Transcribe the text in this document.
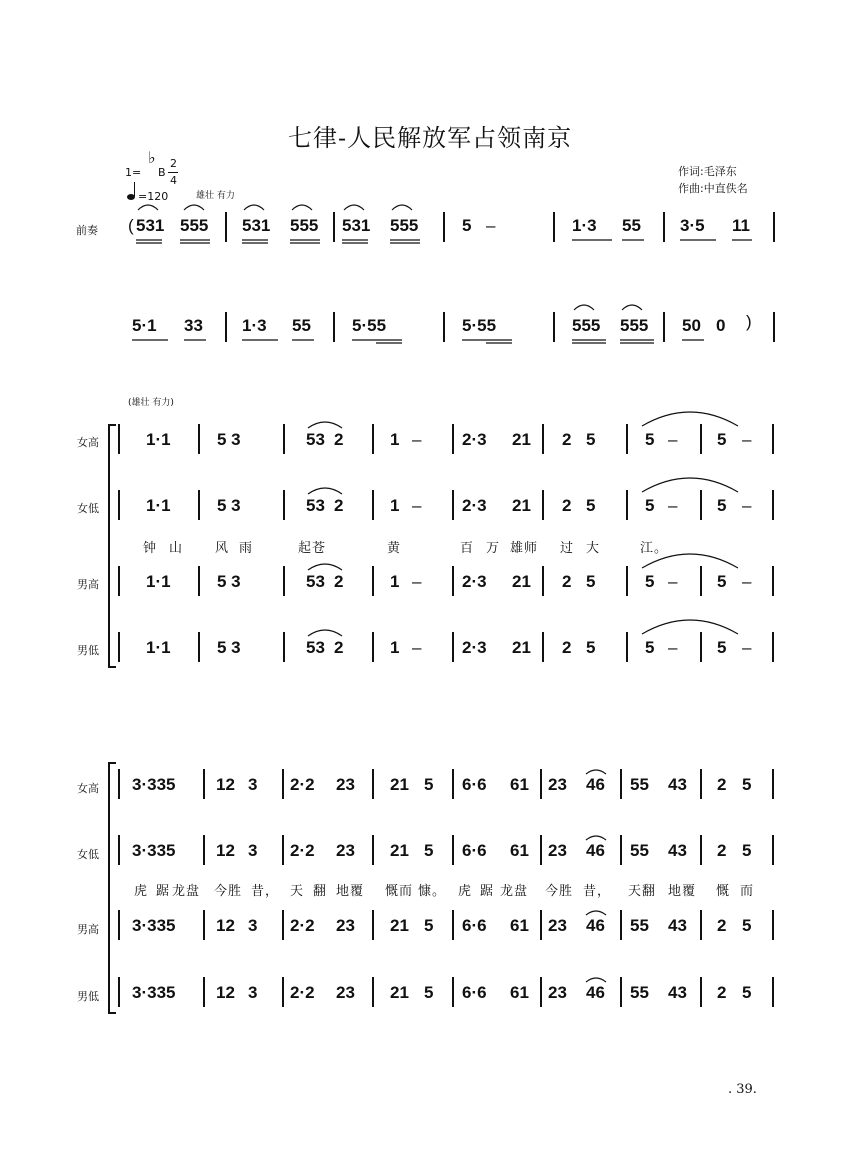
七律-人民解放军占领南京
1=
♭
B
2
4
=120	雄壮 有力
作词:毛泽东
作曲:中直佚名
前奏 ( 531 555 531 555 531 555	5 –	1·3 55 3·5 11
5·1 33 1·3 55 5·55	5·55	555 555 50 0 )
(雄壮 有力)
女高
女低
男高
男低
1·1	5 3	53 2	1 – 2·3 21 2 5	5 – 5 –
1·1	5 3	53 2	1 – 2·3 21 2 5	5 – 5 –
1·1	5 3	53 2	1 – 2·3 21 2 5	5 – 5 –
1·1	5 3	53 2	1 – 2·3 21 2 5	5 – 5 –
钟 山 风 雨	起苍	黄	百 万 雄师 过 大	江。
女高
女低
男高
男低
3·335 12 3 2·2 23 21 5 6·6 61 23 46 55 43 2 5
3·335 12 3 2·2 23 21 5 6·6 61 23 46 55 43 2 5
3·335 12 3 2·2 23 21 5 6·6 61 23 46 55 43 2 5
3·335 12 3 2·2 23 21 5 6·6 61 23 46 55 43 2 5
虎 踞 龙盘 今胜 昔， 天 翻 地覆 慨而 慷。 虎 踞 龙盘 今胜 昔， 天翻 地覆 慨 而
. 39.
